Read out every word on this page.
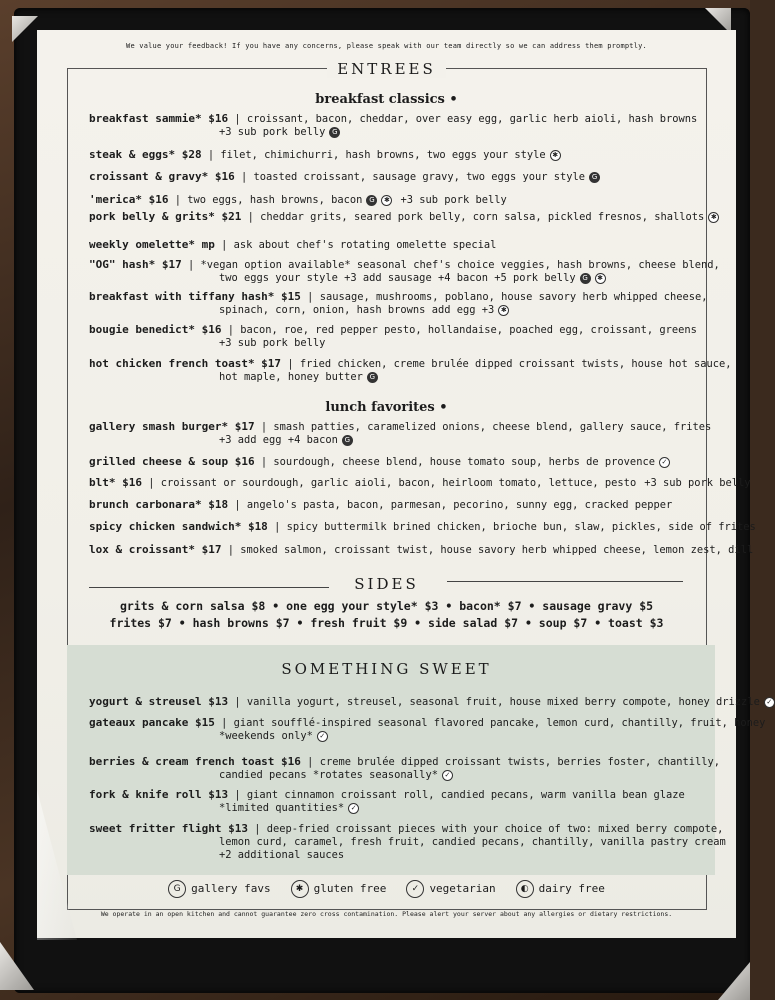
We value your feedback! If you have any concerns, please speak with our team directly so we can address them promptly.
ENTREES
breakfast classics •
breakfast sammie* $16 | croissant, bacon, cheddar, over easy egg, garlic herb aioli, hash browns
+3 sub pork belly G
steak & eggs* $28 | filet, chimichurri, hash browns, two eggs your style ✱
croissant & gravy* $16 | toasted croissant, sausage gravy, two eggs your style G
'merica* $16 | two eggs, hash browns, bacon G ✱ +3 sub pork belly
pork belly & grits* $21 | cheddar grits, seared pork belly, corn salsa, pickled fresnos, shallots ✱
weekly omelette* mp | ask about chef's rotating omelette special
"OG" hash* $17 | *vegan option available* seasonal chef's choice veggies, hash browns, cheese blend,
two eggs your style +3 add sausage +4 bacon +5 pork belly G ✱
breakfast with tiffany hash* $15 | sausage, mushrooms, poblano, house savory herb whipped cheese,
spinach, corn, onion, hash browns add egg +3 ✱
bougie benedict* $16 | bacon, roe, red pepper pesto, hollandaise, poached egg, croissant, greens
+3 sub pork belly
hot chicken french toast* $17 | fried chicken, creme brulée dipped croissant twists, house hot sauce,
hot maple, honey butter G
lunch favorites •
gallery smash burger* $17 | smash patties, caramelized onions, cheese blend, gallery sauce, frites
+3 add egg +4 bacon G
grilled cheese & soup $16 | sourdough, cheese blend, house tomato soup, herbs de provence ✓
blt* $16 | croissant or sourdough, garlic aioli, bacon, heirloom tomato, lettuce, pesto +3 sub pork belly
brunch carbonara* $18 | angelo's pasta, bacon, parmesan, pecorino, sunny egg, cracked pepper
spicy chicken sandwich* $18 | spicy buttermilk brined chicken, brioche bun, slaw, pickles, side of frites
lox & croissant* $17 | smoked salmon, croissant twist, house savory herb whipped cheese, lemon zest, dill
SIDES
grits & corn salsa $8 • one egg your style* $3 • bacon* $7 • sausage gravy $5
frites $7 • hash browns $7 • fresh fruit $9 • side salad $7 • soup $7 • toast $3
SOMETHING SWEET
yogurt & streusel $13 | vanilla yogurt, streusel, seasonal fruit, house mixed berry compote, honey drizzle ✓
gateaux pancake $15 | giant soufflé-inspired seasonal flavored pancake, lemon curd, chantilly, fruit, honey
*weekends only* ✓
berries & cream french toast $16 | creme brulée dipped croissant twists, berries foster, chantilly,
candied pecans *rotates seasonally* ✓
fork & knife roll $13 | giant cinnamon croissant roll, candied pecans, warm vanilla bean glaze
*limited quantities* ✓
sweet fritter flight $13 | deep-fried croissant pieces with your choice of two: mixed berry compote,
lemon curd, caramel, fresh fruit, candied pecans, chantilly, vanilla pastry cream
+2 additional sauces
G gallery favs	✱ gluten free	✓ vegetarian	◐ dairy free
We operate in an open kitchen and cannot guarantee zero cross contamination. Please alert your server about any allergies or dietary restrictions.
